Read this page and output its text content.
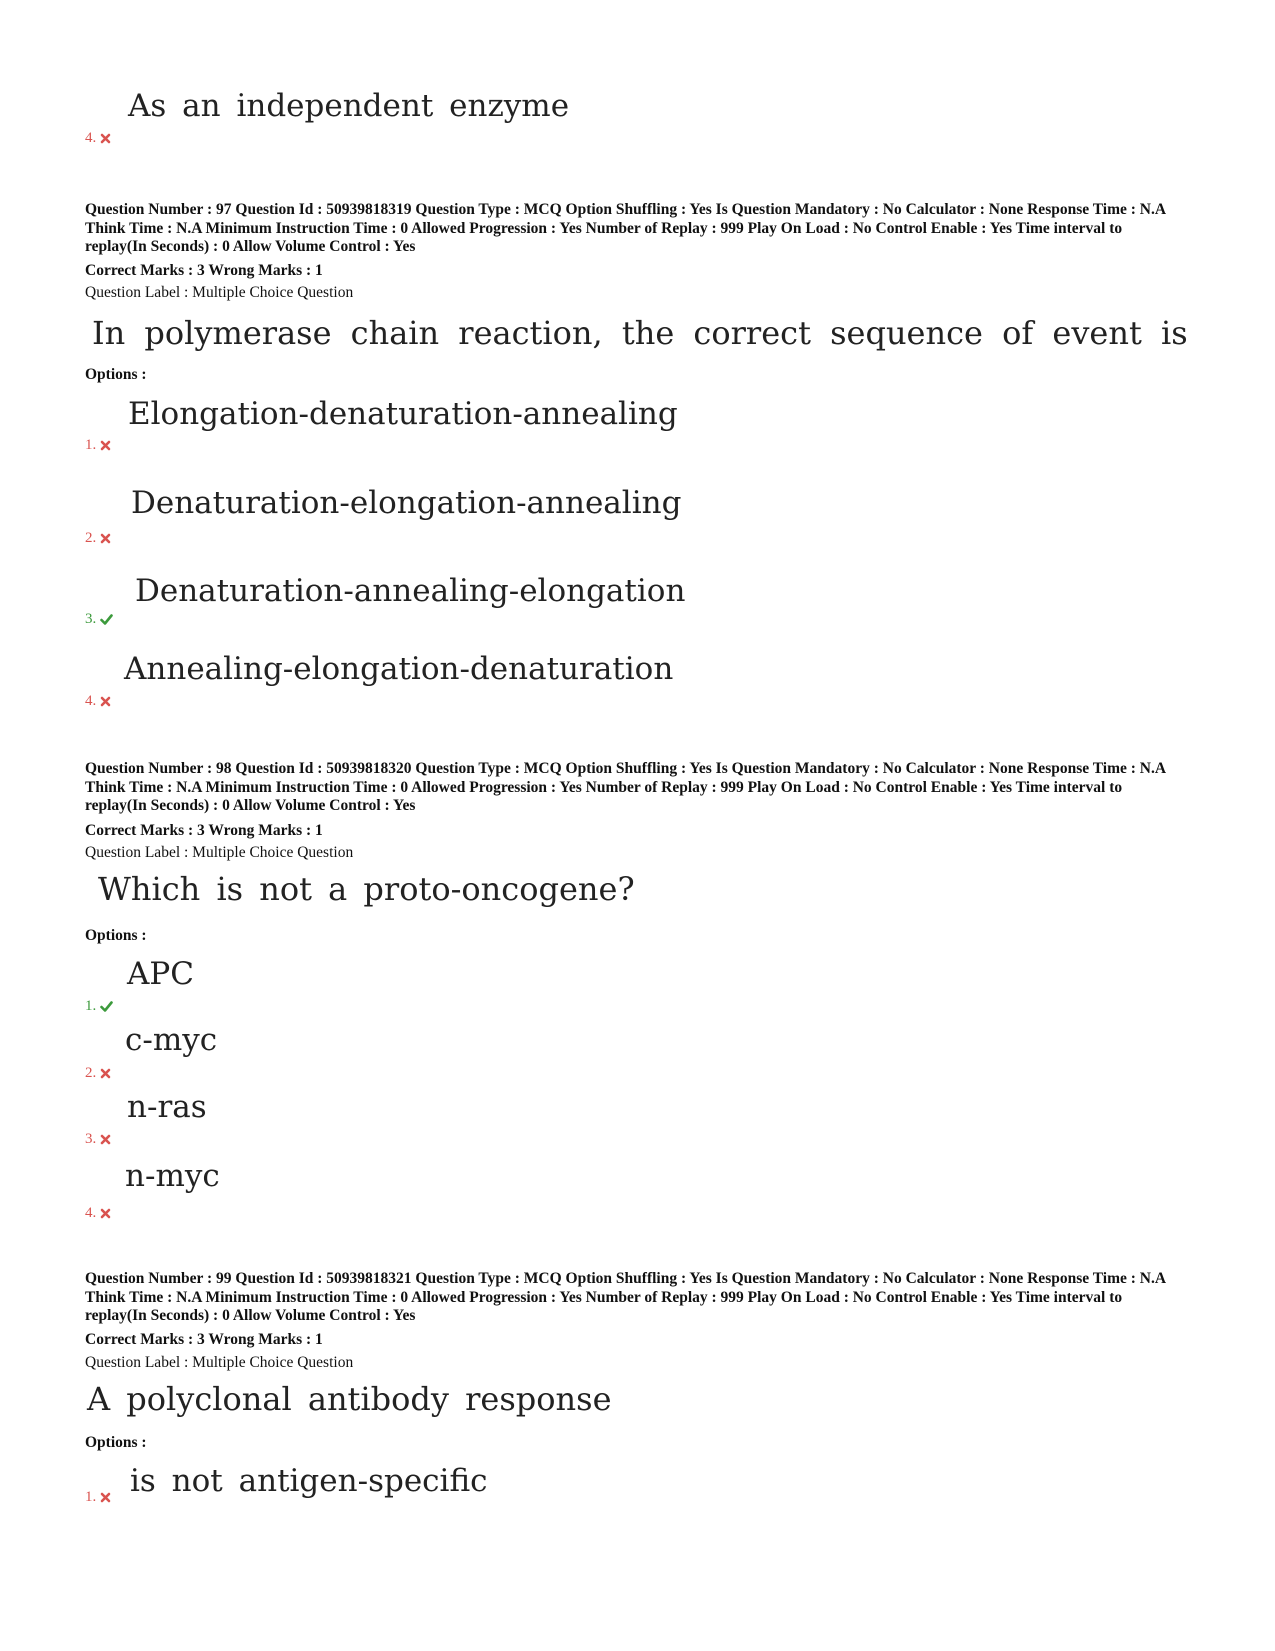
As an independent enzyme
4.

Question Number : 97 Question Id : 50939818319 Question Type : MCQ Option Shuffling : Yes Is Question Mandatory : No Calculator : None Response Time : N.A Think Time : N.A Minimum Instruction Time : 0 Allowed Progression : Yes Number of Replay : 999 Play On Load : No Control Enable : Yes Time interval to replay(In Seconds) : 0 Allow Volume Control : Yes

Correct Marks : 3 Wrong Marks : 1
Question Label : Multiple Choice Question
In polymerase chain reaction, the correct sequence of event is
Options :
Elongation-denaturation-annealing
1.
Denaturation-elongation-annealing
2.
Denaturation-annealing-elongation
3.
Annealing-elongation-denaturation
4.

Question Number : 98 Question Id : 50939818320 Question Type : MCQ Option Shuffling : Yes Is Question Mandatory : No Calculator : None Response Time : N.A Think Time : N.A Minimum Instruction Time : 0 Allowed Progression : Yes Number of Replay : 999 Play On Load : No Control Enable : Yes Time interval to replay(In Seconds) : 0 Allow Volume Control : Yes

Correct Marks : 3 Wrong Marks : 1
Question Label : Multiple Choice Question
Which is not a proto-oncogene?
Options :
APC
1.
c-myc
2.
n-ras
3.
n-myc
4.

Question Number : 99 Question Id : 50939818321 Question Type : MCQ Option Shuffling : Yes Is Question Mandatory : No Calculator : None Response Time : N.A Think Time : N.A Minimum Instruction Time : 0 Allowed Progression : Yes Number of Replay : 999 Play On Load : No Control Enable : Yes Time interval to replay(In Seconds) : 0 Allow Volume Control : Yes

Correct Marks : 3 Wrong Marks : 1
Question Label : Multiple Choice Question
A polyclonal antibody response
Options :
is not antigen-specific
1.
